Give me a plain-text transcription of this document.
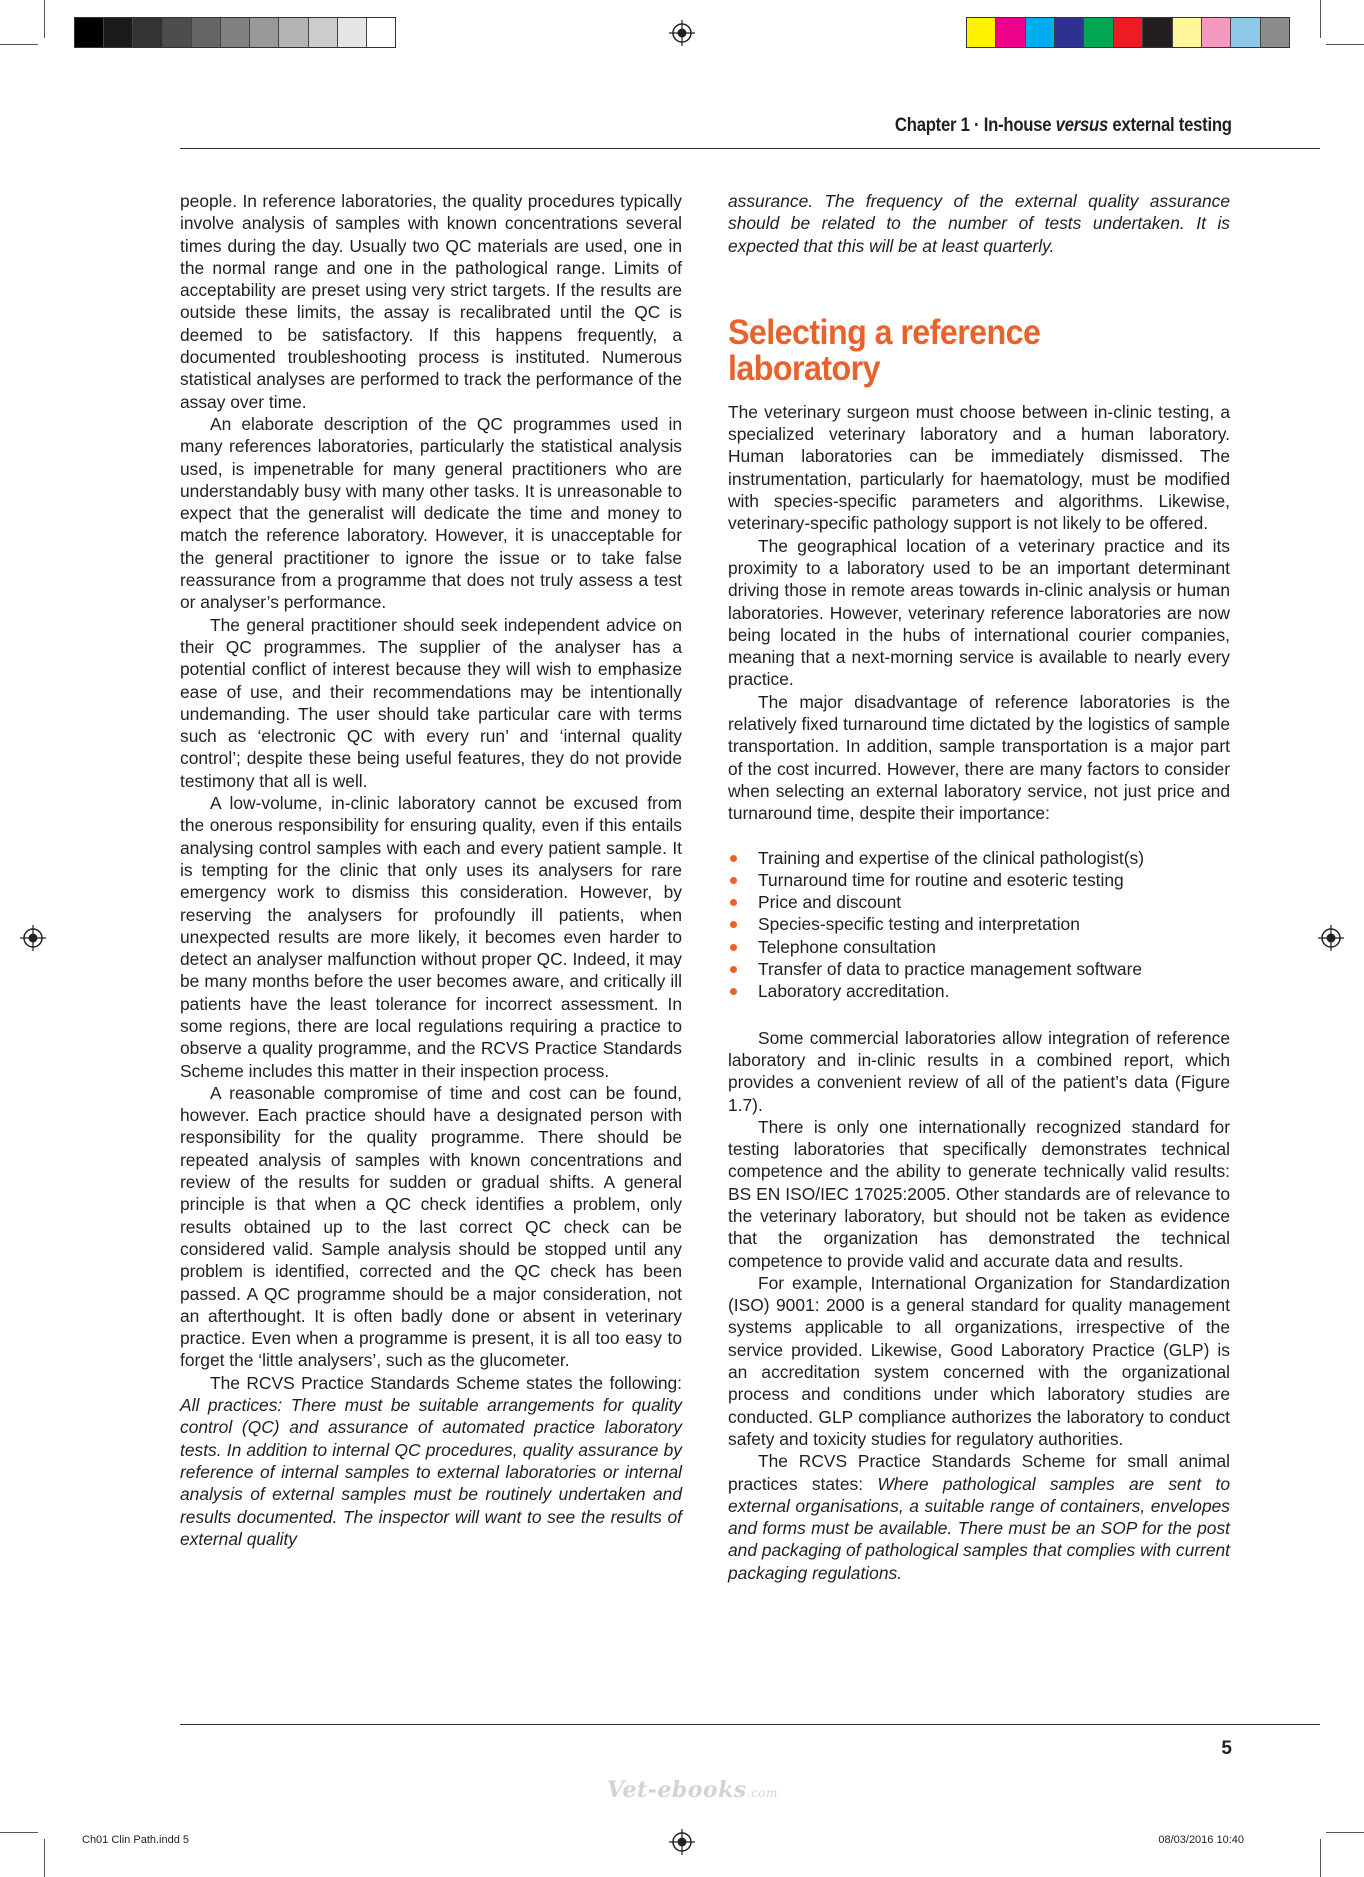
Chapter 1 · In-house versus external testing

people. In reference laboratories, the quality procedures typically involve analysis of samples with known concentrations several times during the day. Usually two QC materials are used, one in the normal range and one in the pathological range. Limits of acceptability are preset using very strict targets. If the results are outside these limits, the assay is recalibrated until the QC is deemed to be satisfactory. If this happens frequently, a documented troubleshooting process is instituted. Numerous statistical analyses are performed to track the performance of the assay over time.

An elaborate description of the QC programmes used in many references laboratories, particularly the statistical analysis used, is impenetrable for many general practitioners who are understandably busy with many other tasks. It is unreasonable to expect that the generalist will dedicate the time and money to match the reference laboratory. However, it is unacceptable for the general practitioner to ignore the issue or to take false reassurance from a programme that does not truly assess a test or analyser’s performance.

The general practitioner should seek independent advice on their QC programmes. The supplier of the analyser has a potential conflict of interest because they will wish to emphasize ease of use, and their recommendations may be intentionally undemanding. The user should take particular care with terms such as ‘electronic QC with every run’ and ‘internal quality control’; despite these being useful features, they do not provide testimony that all is well.

A low-volume, in-clinic laboratory cannot be excused from the onerous responsibility for ensuring quality, even if this entails analysing control samples with each and every patient sample. It is tempting for the clinic that only uses its analysers for rare emergency work to dismiss this consideration. However, by reserving the analysers for profoundly ill patients, when unexpected results are more likely, it becomes even harder to detect an analyser malfunction without proper QC. Indeed, it may be many months before the user becomes aware, and critically ill patients have the least tolerance for incorrect assessment. In some regions, there are local regulations requiring a practice to observe a quality programme, and the RCVS Practice Standards Scheme includes this matter in their inspection process.

A reasonable compromise of time and cost can be found, however. Each practice should have a designated person with responsibility for the quality programme. There should be repeated analysis of samples with known concentrations and review of the results for sudden or gradual shifts. A general principle is that when a QC check identifies a problem, only results obtained up to the last correct QC check can be considered valid. Sample analysis should be stopped until any problem is identified, corrected and the QC check has been passed. A QC programme should be a major consideration, not an afterthought. It is often badly done or absent in veterinary practice. Even when a programme is present, it is all too easy to forget the ‘little analysers’, such as the glucometer.

The RCVS Practice Standards Scheme states the following: All practices: There must be suitable arrangements for quality control (QC) and assurance of automated practice laboratory tests. In addition to internal QC procedures, quality assurance by reference of internal samples to external laboratories or internal analysis of external samples must be routinely undertaken and results documented. The inspector will want to see the results of external quality

assurance. The frequency of the external quality assurance should be related to the number of tests undertaken. It is expected that this will be at least quarterly.

Selecting a reference
laboratory

The veterinary surgeon must choose between in-clinic testing, a specialized veterinary laboratory and a human laboratory. Human laboratories can be immediately dismissed. The instrumentation, particularly for haematology, must be modified with species-specific parameters and algorithms. Likewise, veterinary-specific pathology support is not likely to be offered.

The geographical location of a veterinary practice and its proximity to a laboratory used to be an important determinant driving those in remote areas towards in-clinic analysis or human laboratories. However, veterinary reference laboratories are now being located in the hubs of international courier companies, meaning that a next-morning service is available to nearly every practice.

The major disadvantage of reference laboratories is the relatively fixed turnaround time dictated by the logistics of sample transportation. In addition, sample transportation is a major part of the cost incurred. However, there are many factors to consider when selecting an external laboratory service, not just price and turnaround time, despite their importance:

Training and expertise of the clinical pathologist(s)
Turnaround time for routine and esoteric testing
Price and discount
Species-specific testing and interpretation
Telephone consultation
Transfer of data to practice management software
Laboratory accreditation.

Some commercial laboratories allow integration of reference laboratory and in-clinic results in a combined report, which provides a convenient review of all of the patient’s data (Figure 1.7).

There is only one internationally recognized standard for testing laboratories that specifically demonstrates technical competence and the ability to generate technically valid results: BS EN ISO/IEC 17025:2005. Other standards are of relevance to the veterinary laboratory, but should not be taken as evidence that the organization has demonstrated the technical competence to provide valid and accurate data and results.

For example, International Organization for Standardization (ISO) 9001: 2000 is a general standard for quality management systems applicable to all organizations, irrespective of the service provided. Likewise, Good Laboratory Practice (GLP) is an accreditation system concerned with the organizational process and conditions under which laboratory studies are conducted. GLP compliance authorizes the laboratory to conduct safety and toxicity studies for regulatory authorities.

The RCVS Practice Standards Scheme for small animal practices states: Where pathological samples are sent to external organisations, a suitable range of containers, envelopes and forms must be available. There must be an SOP for the post and packaging of pathological samples that complies with current packaging regulations.

5
Vet-ebooks.com
Ch01 Clin Path.indd 5	08/03/2016 10:40
